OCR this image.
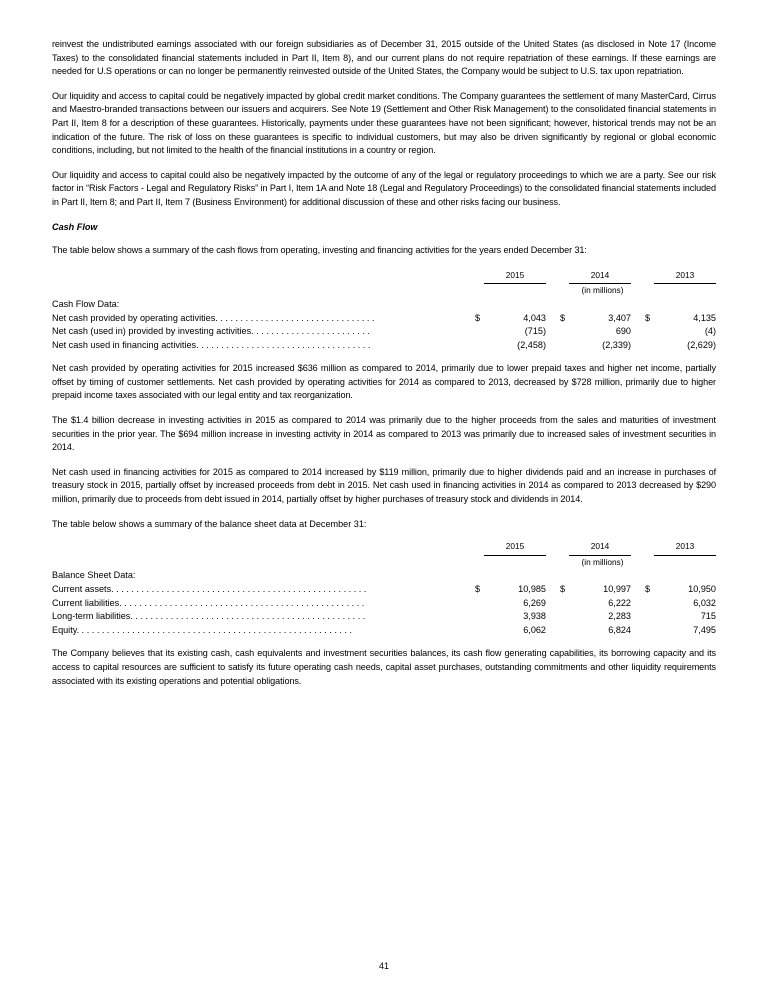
reinvest the undistributed earnings associated with our foreign subsidiaries as of December 31, 2015 outside of the United States (as disclosed in Note 17 (Income Taxes) to the consolidated financial statements included in Part II, Item 8), and our current plans do not require repatriation of these earnings. If these earnings are needed for U.S operations or can no longer be permanently reinvested outside of the United States, the Company would be subject to U.S. tax upon repatriation.

Our liquidity and access to capital could be negatively impacted by global credit market conditions. The Company guarantees the settlement of many MasterCard, Cirrus and Maestro-branded transactions between our issuers and acquirers. See Note 19 (Settlement and Other Risk Management) to the consolidated financial statements in Part II, Item 8 for a description of these guarantees. Historically, payments under these guarantees have not been significant; however, historical trends may not be an indication of the future. The risk of loss on these guarantees is specific to individual customers, but may also be driven significantly by regional or global economic conditions, including, but not limited to the health of the financial institutions in a country or region.

Our liquidity and access to capital could also be negatively impacted by the outcome of any of the legal or regulatory proceedings to which we are a party. See our risk factor in “Risk Factors - Legal and Regulatory Risks” in Part I, Item 1A and Note 18 (Legal and Regulatory Proceedings) to the consolidated financial statements included in Part II, Item 8; and Part II, Item 7 (Business Environment) for additional discussion of these and other risks facing our business.

Cash Flow

The table below shows a summary of the cash flows from operating, investing and financing activities for the years ended December 31:

		2015			2014			2013

				(in millions)				
Cash Flow Data:								
Net cash provided by operating activities. . . . . . . . . . . . . . . . . . . . . . . . . . . . . . . .	$	4,043		$	3,407		$	4,135
Net cash (used in) provided by investing activities. . . . . . . . . . . . . . . . . . . . . . . .		(715)			690			(4)
Net cash used in financing activities. . . . . . . . . . . . . . . . . . . . . . . . . . . . . . . . . . .		(2,458)			(2,339)			(2,629)

Net cash provided by operating activities for 2015 increased $636 million as compared to 2014, primarily due to lower prepaid taxes and higher net income, partially offset by timing of customer settlements. Net cash provided by operating activities for 2014 as compared to 2013, decreased by $728 million, primarily due to higher prepaid income taxes associated with our legal entity and tax reorganization.

The $1.4 billion decrease in investing activities in 2015 as compared to 2014 was primarily due to the higher proceeds from the sales and maturities of investment securities in the prior year. The $694 million increase in investing activity in 2014 as compared to 2013 was primarily due to increased sales of investment securities in 2014.

Net cash used in financing activities for 2015 as compared to 2014 increased by $119 million, primarily due to higher dividends paid and an increase in purchases of treasury stock in 2015, partially offset by increased proceeds from debt in 2015. Net cash used in financing activities in 2014 as compared to 2013 decreased by $290 million, primarily due to proceeds from debt issued in 2014, partially offset by higher purchases of treasury stock and dividends in 2014.

The table below shows a summary of the balance sheet data at December 31:

		2015			2014			2013

				(in millions)				
Balance Sheet Data:								
Current assets. . . . . . . . . . . . . . . . . . . . . . . . . . . . . . . . . . . . . . . . . . . . . . . . . . .	$	10,985		$	10,997		$	10,950
Current liabilities. . . . . . . . . . . . . . . . . . . . . . . . . . . . . . . . . . . . . . . . . . . . . . . . .		6,269			6,222			6,032
Long-term liabilities. . . . . . . . . . . . . . . . . . . . . . . . . . . . . . . . . . . . . . . . . . . . . . .		3,938			2,283			715
Equity. . . . . . . . . . . . . . . . . . . . . . . . . . . . . . . . . . . . . . . . . . . . . . . . . . . . . . .		6,062			6,824			7,495

The Company believes that its existing cash, cash equivalents and investment securities balances, its cash flow generating capabilities, its borrowing capacity and its access to capital resources are sufficient to satisfy its future operating cash needs, capital asset purchases, outstanding commitments and other liquidity requirements associated with its existing operations and potential obligations.

41
